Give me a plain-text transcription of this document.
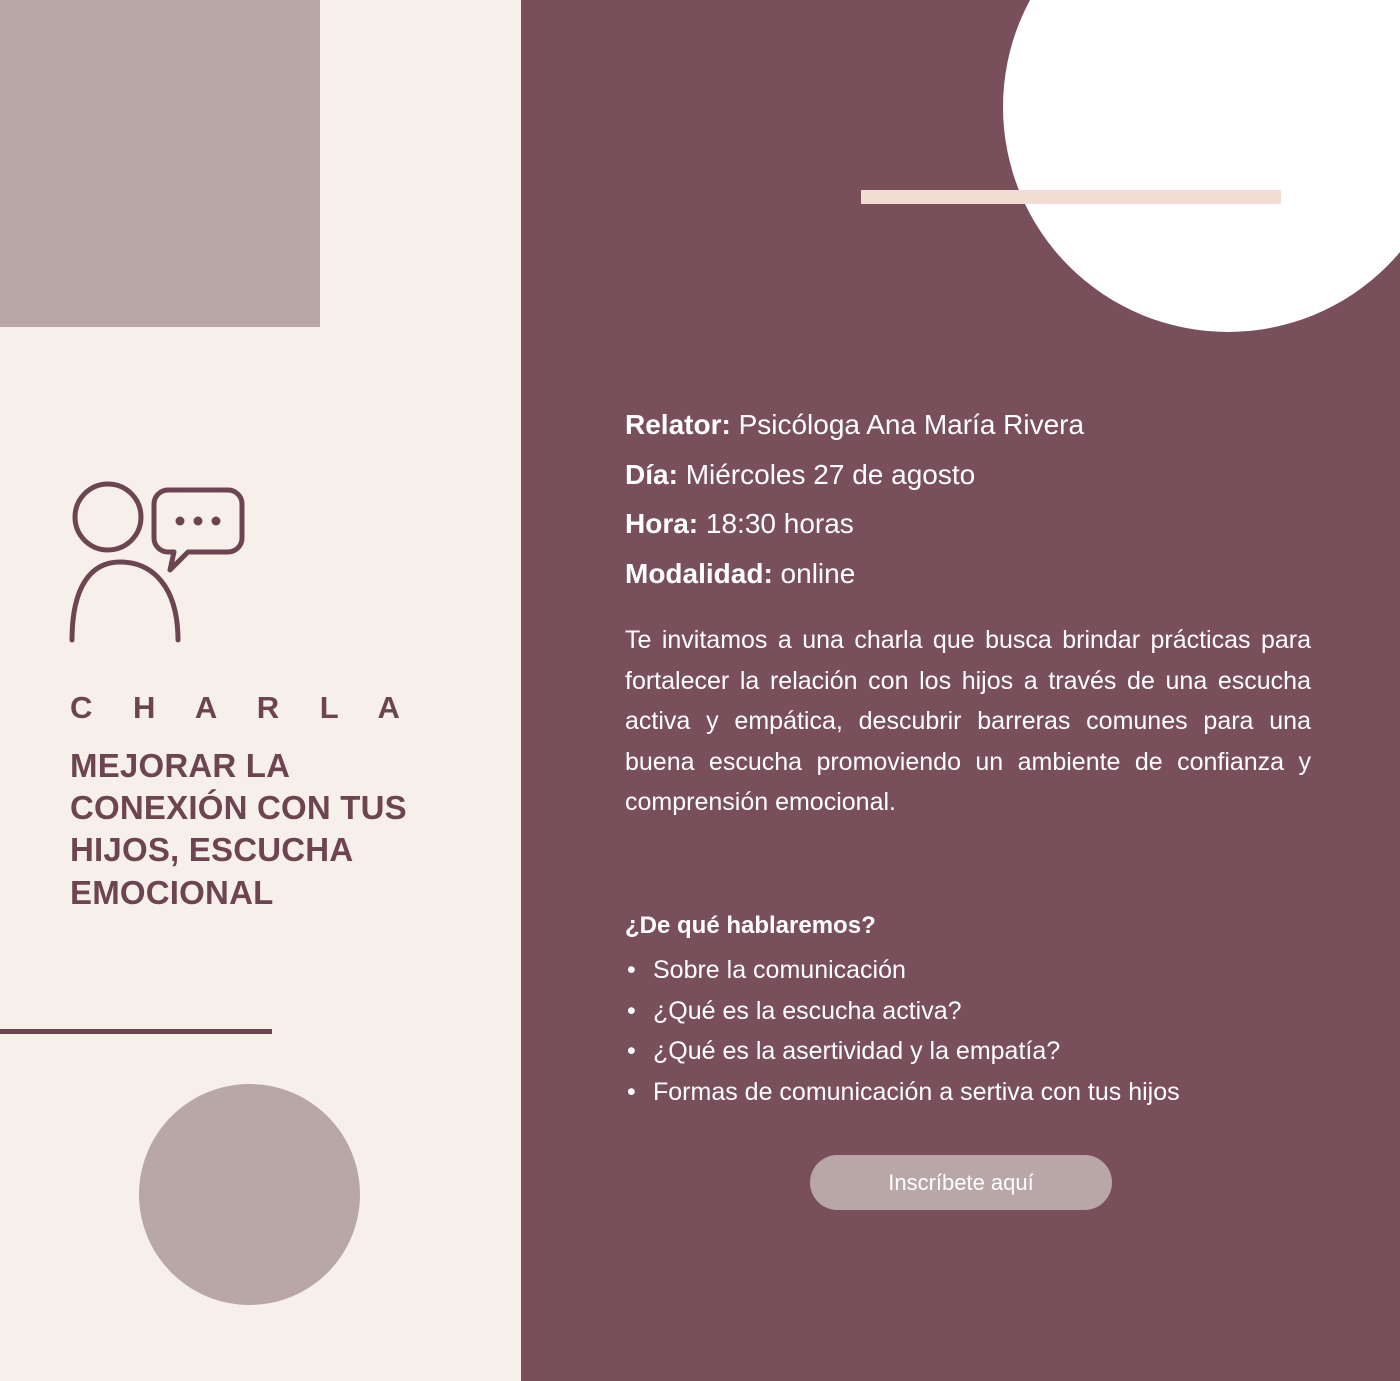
C H A R L A
MEJORAR LA CONEXIÓN CON TUS HIJOS, ESCUCHA EMOCIONAL
Relator: Psicóloga Ana María Rivera
Día: Miércoles 27 de agosto
Hora: 18:30 horas
Modalidad: online
Te invitamos a una charla que busca brindar prácticas para fortalecer la relación con los hijos a través de una escucha activa y empática, descubrir barreras comunes para una buena escucha promoviendo un ambiente de confianza y comprensión emocional.
¿De qué hablaremos?
• Sobre la comunicación
• ¿Qué es la escucha activa?
• ¿Qué es la asertividad y la empatía?
• Formas de comunicación a sertiva con tus hijos
Inscríbete aquí
